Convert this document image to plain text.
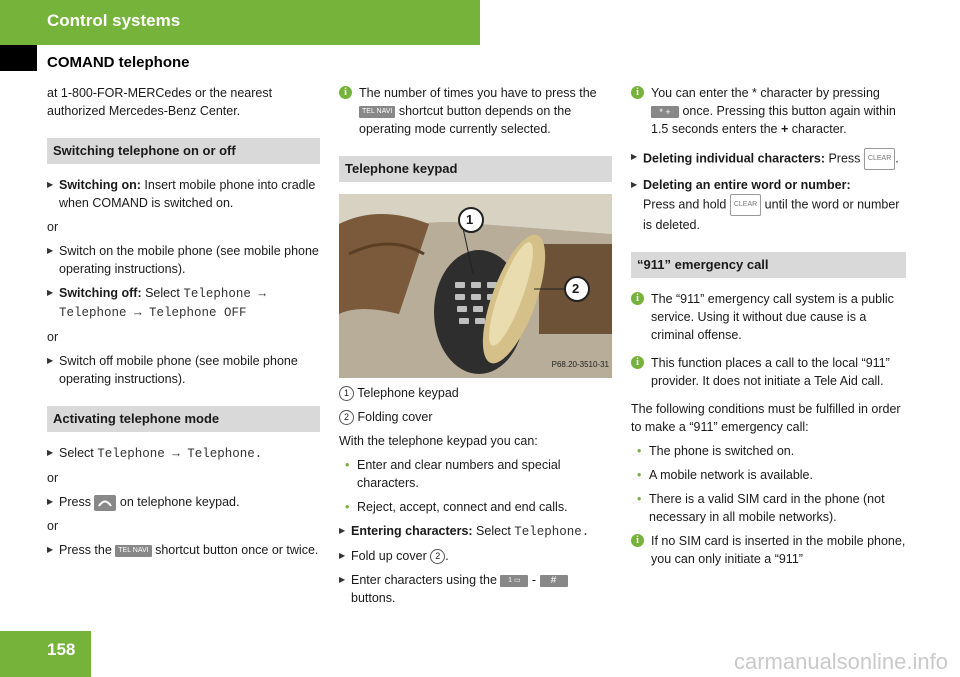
Control systems
COMAND telephone

at 1-800-FOR-MERCedes or the nearest authorized Mercedes-Benz Center.

Switching telephone on or off
▶ Switching on: Insert mobile phone into cradle when COMAND is switched on.

or

▶ Switch on the mobile phone (see mobile phone operating instructions).
▶ Switching off: Select Telephone → Telephone → Telephone OFF

or

▶ Switch off mobile phone (see mobile phone operating instructions).
Activating telephone mode
▶ Select Telephone → Telephone.

or

▶ Press  on telephone keypad.

or

▶ Press the TEL NAVI shortcut button once or twice.
i The number of times you have to press the TEL NAVI shortcut button depends on the operating mode currently selected.
Telephone keypad
1
2
P68.20-3510-31
1 Telephone keypad
2 Folding cover

With the telephone keypad you can:

• Enter and clear numbers and special characters.
• Reject, accept, connect and end calls.
▶ Entering characters: Select Telephone.
▶ Fold up cover 2 .
▶ Enter characters using the 1 ▭ - # buttons.
i You can enter the * character by pressing * + once. Pressing this button again within 1.5 seconds enters the + character.
▶ Deleting individual characters: Press CLEAR .
▶ Deleting an entire word or number:
Press and hold CLEAR until the word or number is deleted.
“911” emergency call
i The “911” emergency call system is a public service. Using it without due cause is a criminal offense.
i This function places a call to the local “911” provider. It does not initiate a Tele Aid call.

The following conditions must be fulfilled in order to make a “911” emergency call:

• The phone is switched on.
• A mobile network is available.
• There is a valid SIM card in the phone (not necessary in all mobile networks).
i If no SIM card is inserted in the mobile phone, you can only initiate a “911”
158	carmanualsonline.info
